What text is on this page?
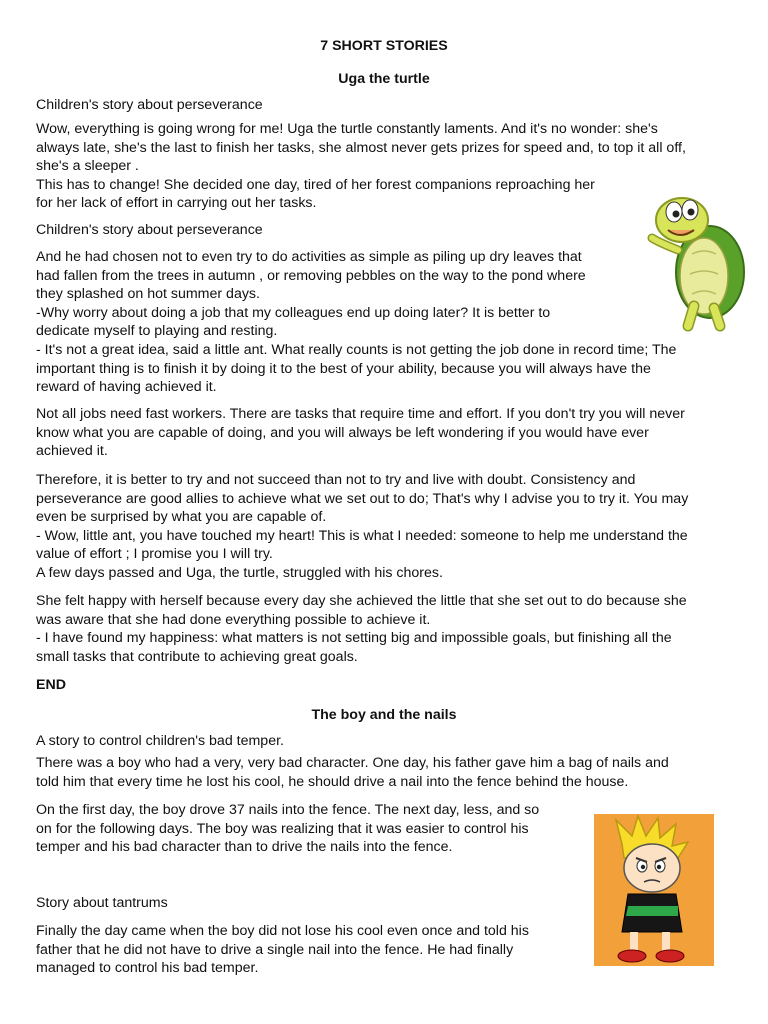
7 SHORT STORIES
Uga the turtle

Children's story about perseverance

Wow, everything is going wrong for me! Uga the turtle constantly laments. And it's no wonder: she's
always late, she's the last to finish her tasks, she almost never gets prizes for speed and, to top it all off,
she's a sleeper .
This has to change! She decided one day, tired of her forest companions reproaching her
for her lack of effort in carrying out her tasks.

Children's story about perseverance

And he had chosen not to even try to do activities as simple as piling up dry leaves that
had fallen from the trees in autumn , or removing pebbles on the way to the pond where
they splashed on hot summer days.
-Why worry about doing a job that my colleagues end up doing later? It is better to
dedicate myself to playing and resting.
- It's not a great idea, said a little ant. What really counts is not getting the job done in record time; The
important thing is to finish it by doing it to the best of your ability, because you will always have the
reward of having achieved it.
Not all jobs need fast workers. There are tasks that require time and effort. If you don't try you will never
know what you are capable of doing, and you will always be left wondering if you would have ever
achieved it.
Therefore, it is better to try and not succeed than not to try and live with doubt. Consistency and
perseverance are good allies to achieve what we set out to do; That's why I advise you to try it. You may
even be surprised by what you are capable of.
- Wow, little ant, you have touched my heart! This is what I needed: someone to help me understand the
value of effort ; I promise you I will try.
A few days passed and Uga, the turtle, struggled with his chores.
She felt happy with herself because every day she achieved the little that she set out to do because she
was aware that she had done everything possible to achieve it.
- I have found my happiness: what matters is not setting big and impossible goals, but finishing all the
small tasks that contribute to achieving great goals.

END

The boy and the nails

A story to control children's bad temper.

There was a boy who had a very, very bad character. One day, his father gave him a bag of nails and
told him that every time he lost his cool, he should drive a nail into the fence behind the house.
On the first day, the boy drove 37 nails into the fence. The next day, less, and so
on for the following days. The boy was realizing that it was easier to control his
temper and his bad character than to drive the nails into the fence.

Story about tantrums

Finally the day came when the boy did not lose his cool even once and told his
father that he did not have to drive a single nail into the fence. He had finally
managed to control his bad temper.
